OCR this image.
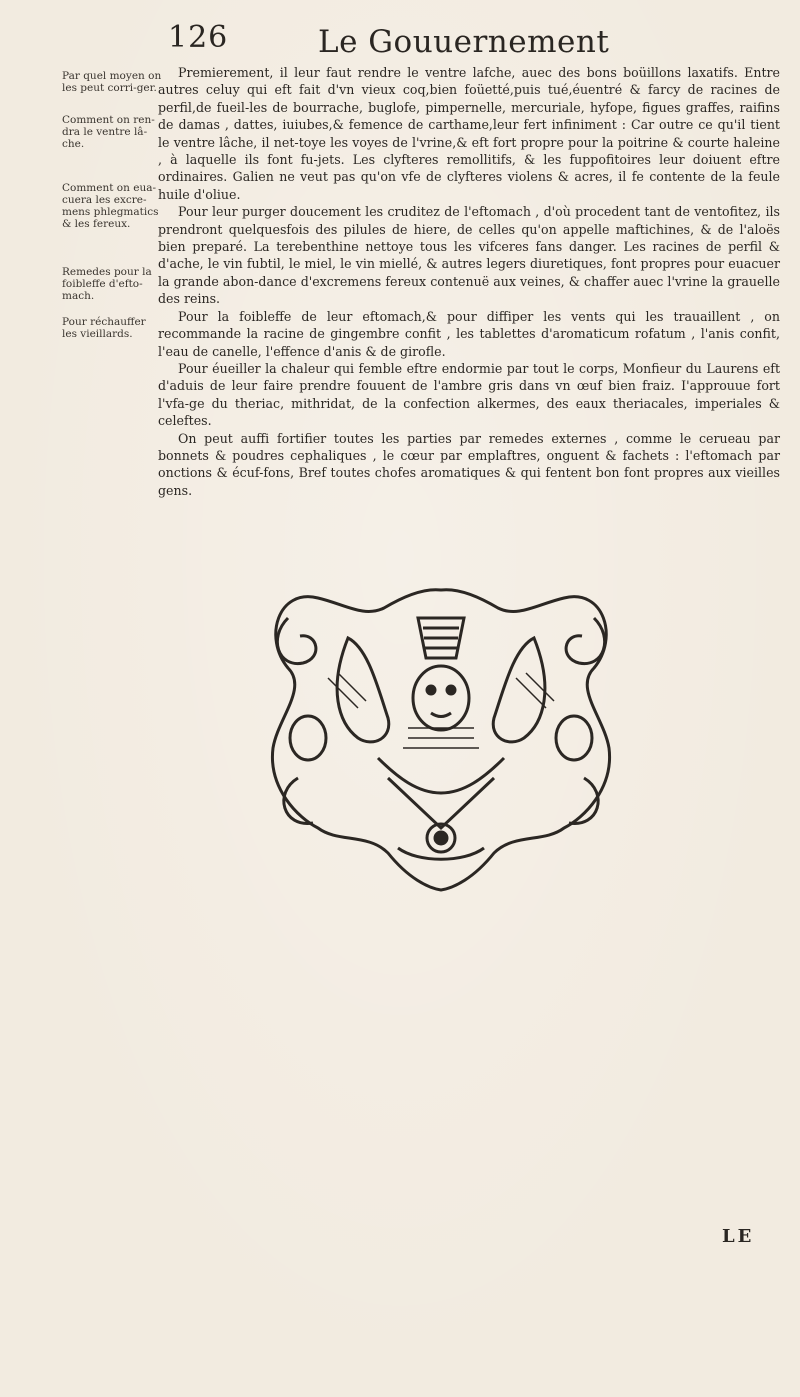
126	Le Gouuernement
Par quel moyen on les peut corri-ger.
Comment on ren-dra le ventre lâ-che.
Comment on eua-cuera les excre-mens phlegmatics & les fereux.
Remedes pour la foibleffe d'efto-mach.
Pour réchauffer les vieillards.

Premierement, il leur faut rendre le ventre lafche, auec des bons boüillons laxatifs. Entre autres celuy qui eft fait d'vn vieux coq,bien foüetté,puis tué,éuentré & farcy de racines de perfil,de fueil-les de bourrache, buglofe, pimpernelle, mercuriale, hyfope, figues graffes, raifins de damas , dattes, iuiubes,& femence de carthame,leur fert infiniment : Car outre ce qu'il tient le ventre lâche, il net-toye les voyes de l'vrine,& eft fort propre pour la poitrine & courte haleine , à laquelle ils font fu-jets. Les clyfteres remollitifs, & les fuppofitoires leur doiuent eftre ordinaires. Galien ne veut pas qu'on vfe de clyfteres violens & acres, il fe contente de la feule huile d'oliue.

Pour leur purger doucement les cruditez de l'eftomach , d'où procedent tant de ventofitez, ils prendront quelquesfois des pilules de hiere, de celles qu'on appelle maftichines, & de l'aloës bien preparé. La terebenthine nettoye tous les vifceres fans danger. Les racines de perfil & d'ache, le vin fubtil, le miel, le vin miellé, & autres legers diuretiques, font propres pour euacuer la grande abon-dance d'excremens fereux contenuë aux veines, & chaffer auec l'vrine la grauelle des reins.

Pour la foibleffe de leur eftomach,& pour diffiper les vents qui les trauaillent , on recommande la racine de gingembre confit , les tablettes d'aromaticum rofatum , l'anis confit, l'eau de canelle, l'effence d'anis & de girofle.

Pour éueiller la chaleur qui femble eftre endormie par tout le corps, Monfieur du Laurens eft d'aduis de leur faire prendre fouuent de l'ambre gris dans vn œuf bien fraiz. I'approuue fort l'vfa-ge du theriac, mithridat, de la confection alkermes, des eaux theriacales, imperiales & celeftes.

On peut auffi fortifier toutes les parties par remedes externes , comme le cerueau par bonnets & poudres cephaliques , le cœur par emplaftres, onguent & fachets : l'eftomach par onctions & écuf-fons, Bref toutes chofes aromatiques & qui fentent bon font propres aux vieilles gens.

LE
